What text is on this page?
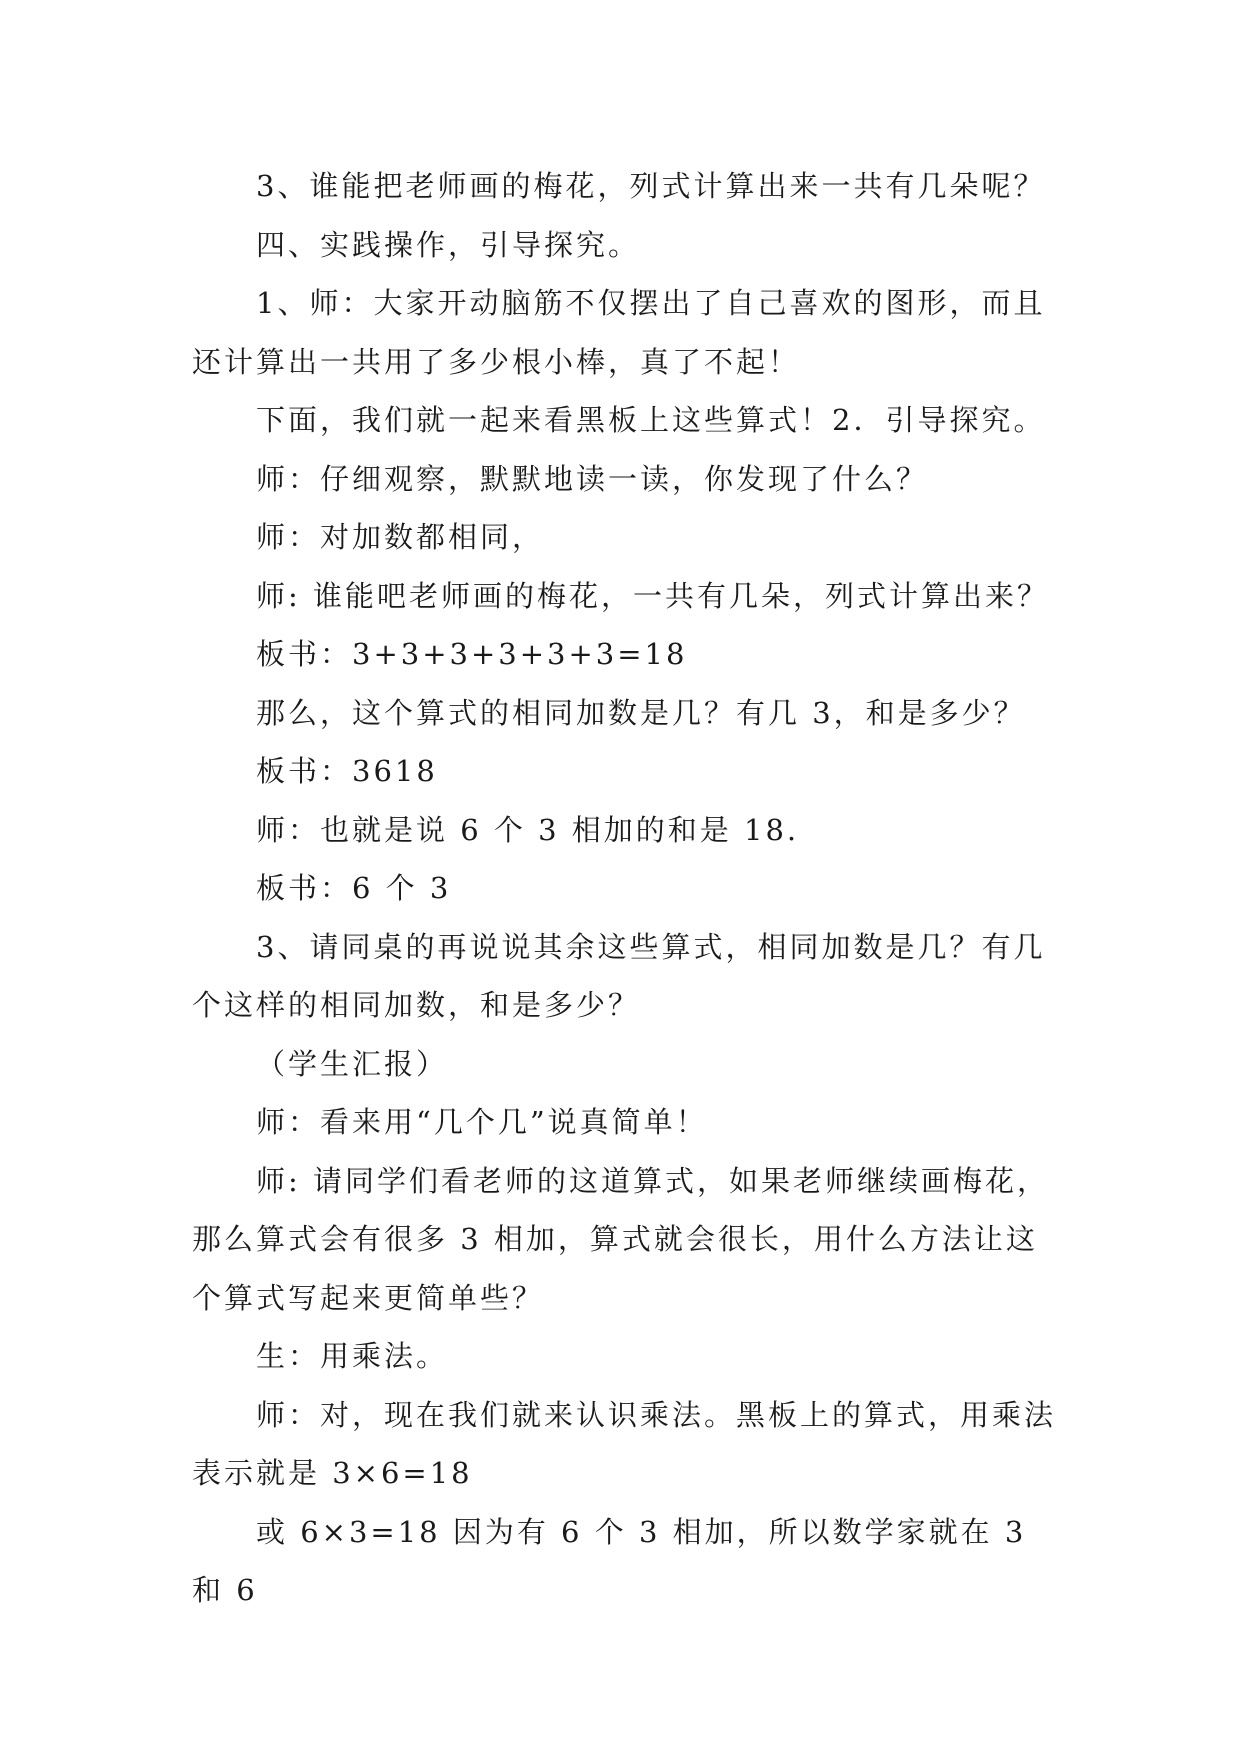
3、谁能把老师画的梅花，列式计算出来一共有几朵呢？

四、实践操作，引导探究。

1、师：大家开动脑筋不仅摆出了自己喜欢的图形，而且还计算出一共用了多少根小棒，真了不起！

下面，我们就一起来看黑板上这些算式！2．引导探究。

师：仔细观察，默默地读一读，你发现了什么？

师：对加数都相同，

师: 谁能吧老师画的梅花，一共有几朵，列式计算出来？

板书：3+3+3+3+3+3=18

那么，这个算式的相同加数是几？有几 3，和是多少？

板书：3618

师：也就是说 6 个 3 相加的和是 18.

板书：6 个 3

3、请同桌的再说说其余这些算式，相同加数是几？有几个这样的相同加数，和是多少？

（学生汇报）

师：看来用“几个几”说真简单！

师: 请同学们看老师的这道算式，如果老师继续画梅花，那么算式会有很多 3 相加，算式就会很长，用什么方法让这个算式写起来更简单些？

生：用乘法。

师：对，现在我们就来认识乘法。黑板上的算式，用乘法表示就是 3×6=18

或 6×3=18 因为有 6 个 3 相加，所以数学家就在 3 和 6
